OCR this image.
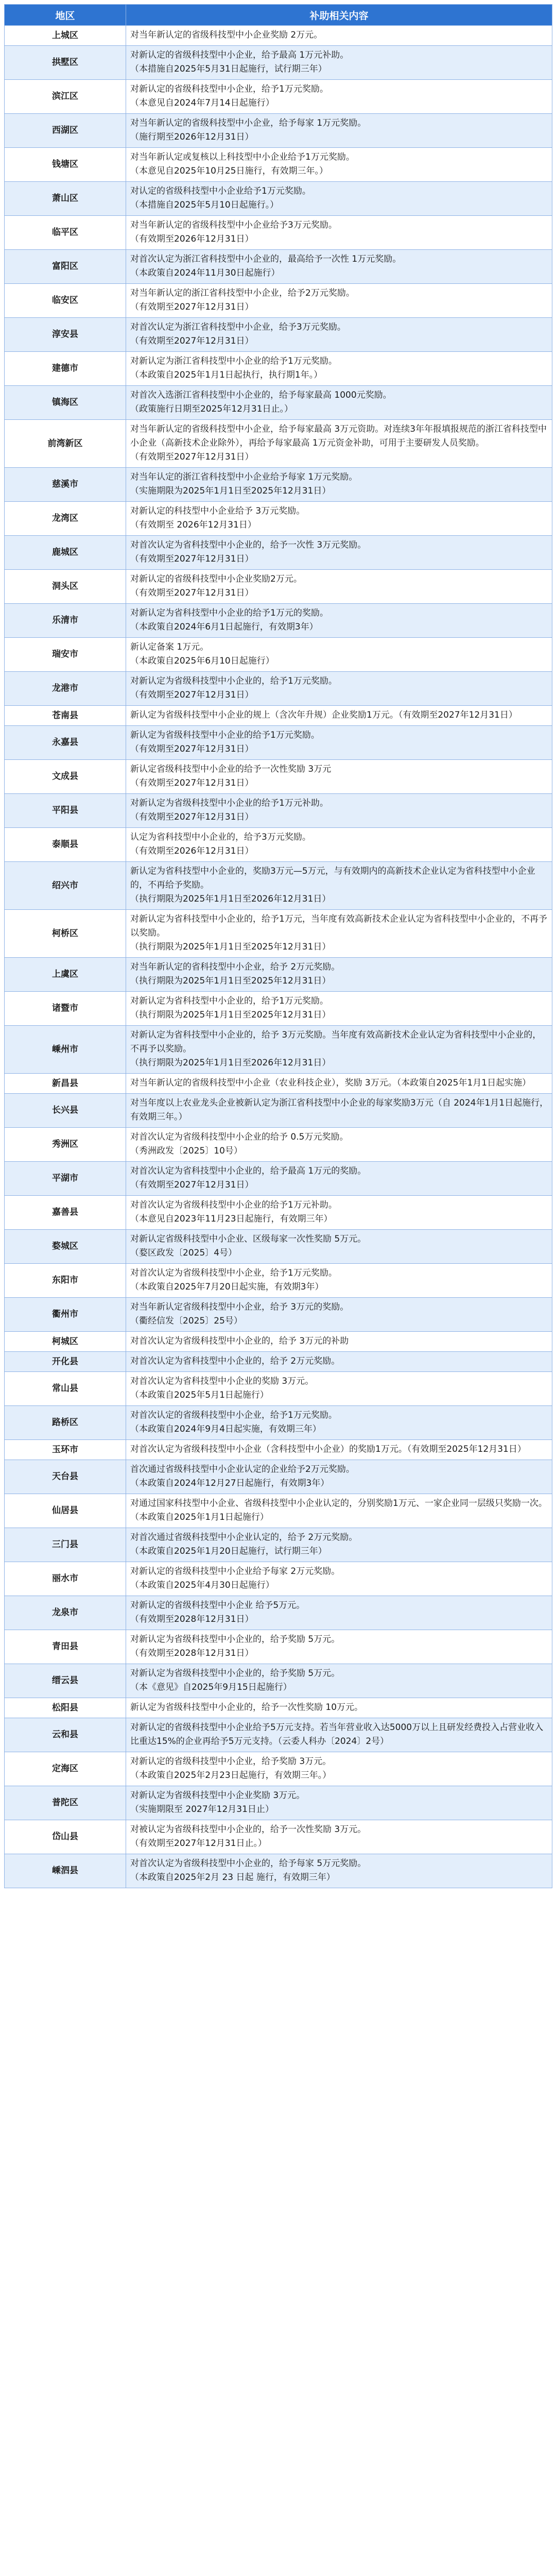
地区	补助相关内容
上城区	对当年新认定的省级科技型中小企业奖励 2万元。

拱墅区	对新认定的省级科技型中小企业，给予最高 1万元补助。
（本措施自2025年5月31日起施行，试行期三年）

滨江区	对新认定的省级科技型中小企业，给予1万元奖励。
（本意见自2024年7月14日起施行）

西湖区	对当年新认定的省级科技型中小企业，给予每家 1万元奖励。
（施行期至2026年12月31日）

钱塘区	对当年新认定或复核以上科技型中小企业给予1万元奖励。
（本意见自2025年10月25日施行，有效期三年。）

萧山区	对认定的省级科技型中小企业给予1万元奖励。
（本措施自2025年5月10日起施行。）

临平区	对当年新认定的省级科技型中小企业给予3万元奖励。
（有效期至2026年12月31日）

富阳区	对首次认定为浙江省科技型中小企业的，最高给予一次性 1万元奖励。
（本政策自2024年11月30日起施行）

临安区	对当年新认定的浙江省科技型中小企业，给予2万元奖励。
（有效期至2027年12月31日）

淳安县	对首次认定为浙江省科技型中小企业，给予3万元奖励。
（有效期至2027年12月31日）

建德市	对新认定为浙江省科技型中小企业的给予1万元奖励。
（本政策自2025年1月1日起执行，执行期1年。）

镇海区	对首次入选浙江省科技型中小企业的，给予每家最高 1000元奖励。
（政策施行日期至2025年12月31日止。）

前湾新区	对当年新认定的省级科技型中小企业，给予每家最高 3万元资助。对连续3年年报填报规范的浙江省科技型中小企业（高新技术企业除外），再给予每家最高 1万元资金补助，可用于主要研发人员奖励。
（有效期至2027年12月31日）

慈溪市	对当年认定的浙江省科技型中小企业给予每家 1万元奖励。
（实施期限为2025年1月1日至2025年12月31日）

龙湾区	对新认定的科技型中小企业给予 3万元奖励。
（有效期至 2026年12月31日）

鹿城区	对首次认定为省科技型中小企业的，给予一次性 3万元奖励。
（有效期至2027年12月31日）

洞头区	对新认定的省级科技型中小企业奖励2万元。
（有效期至2027年12月31日）

乐清市	对新认定为省科技型中小企业的给予1万元的奖励。
（本政策自2024年6月1日起施行，有效期3年）

瑞安市	新认定备案 1万元。
（本政策自2025年6月10日起施行）

龙港市	对新认定为省级科技型中小企业的，给予1万元奖励。
（有效期至2027年12月31日）

苍南县	新认定为省级科技型中小企业的规上（含次年升规）企业奖励1万元。（有效期至2027年12月31日）

永嘉县	新认定为省级科技型中小企业的给予1万元奖励。
（有效期至2027年12月31日）

文成县	新认定省级科技型中小企业的给予一次性奖励 3万元
（有效期至2027年12月31日）

平阳县	对新认定为省级科技型中小企业的给予1万元补助。
（有效期至2027年12月31日）

泰顺县	认定为省科技型中小企业的，给予3万元奖励。
（有效期至2026年12月31日）

绍兴市	新认定为省科技型中小企业的，奖励3万元—5万元，与有效期内的高新技术企业认定为省科技型中小企业的，不再给予奖励。
（执行期限为2025年1月1日至2026年12月31日）

柯桥区	对新认定为省科技型中小企业的，给予1万元，当年度有效高新技术企业认定为省科技型中小企业的，不再予以奖励。
（执行期限为2025年1月1日至2025年12月31日）

上虞区	对当年新认定的省科技型中小企业，给予 2万元奖励。
（执行期限为2025年1月1日至2025年12月31日）

诸暨市	对新认定为省科技型中小企业的，给予1万元奖励。
（执行期限为2025年1月1日至2025年12月31日）

嵊州市	对新认定为省科技型中小企业的，给予 3万元奖励。当年度有效高新技术企业认定为省科技型中小企业的，不再予以奖励。
（执行期限为2025年1月1日至2026年12月31日）

新昌县	对当年新认定的省级科技型中小企业（农业科技企业），奖励 3万元。（本政策自2025年1月1日起实施）

长兴县	对当年度以上农业龙头企业被新认定为浙江省科技型中小企业的每家奖励3万元（自 2024年1月1日起施行，有效期三年。）

秀洲区	对首次认定为省级科技型中小企业的给予 0.5万元奖励。
（秀洲政发〔2025〕10号）

平湖市	对首次认定为省科技型中小企业的，给予最高 1万元的奖励。
（有效期至2027年12月31日）

嘉善县	对首次认定为省级科技型中小企业的给予1万元补助。
（本意见自2023年11月23日起施行，有效期三年）

婺城区	对新认定省级科技型中小企业、区级每家一次性奖励 5万元。
（婺区政发〔2025〕4号）

东阳市	对首次认定为省级科技型中小企业，给予1万元奖励。
（本政策自2025年7月20日起实施，有效期3年）

衢州市	对当年新认定省级科技型中小企业，给予 3万元的奖励。
（衢经信发〔2025〕25号）

柯城区	对首次认定为省级科技型中小企业的，给予 3万元的补助

开化县	对首次认定为省科技型中小企业的，给予 2万元奖励。

常山县	对首次认定为省科技型中小企业的奖励 3万元。
（本政策自2025年5月1日起施行）

路桥区	对首次认定的省级科技型中小企业，给予1万元奖励。
（本政策自2024年9月4日起实施，有效期三年）

玉环市	对首次认定为省级科技型中小企业（含科技型中小企业）的奖励1万元。（有效期至2025年12月31日）

天台县	首次通过省级科技型中小企业认定的企业给予2万元奖励。
（本政策自2024年12月27日起施行，有效期3年）

仙居县	对通过国家科技型中小企业、省级科技型中小企业认定的，分别奖励1万元、一家企业同一层级只奖励一次。
（本政策自2025年1月1日起施行）

三门县	对首次通过省级科技型中小企业认定的，给予 2万元奖励。
（本政策自2025年1月20日起施行，试行期三年）

丽水市	对新认定的省级科技型中小企业给予每家 2万元奖励。
（本政策自2025年4月30日起施行）

龙泉市	对新认定的省级科技型中小企业 给予5万元。
（有效期至2028年12月31日）

青田县	对新认定为省级科技型中小企业的，给予奖励 5万元。
（有效期至2028年12月31日）

缙云县	对新认定为省级科技型中小企业的，给予奖励 5万元。
（本《意见》自2025年9月15日起施行）

松阳县	新认定为省级科技型中小企业的，给予一次性奖励 10万元。

云和县	对新认定的省级科技型中小企业给予5万元支持。若当年营业收入达5000万以上且研发经费投入占营业收入比重达15%的企业再给予5万元支持。（云委人科办〔2024〕2号）

定海区	对新认定的省级科技型中小企业，给予奖励 3万元。
（本政策自2025年2月23日起施行，有效期三年。）

普陀区	对新认定为省级科技型中小企业奖励 3万元。
（实施期限至 2027年12月31日止）

岱山县	对被认定为省级科技型中小企业的，给予一次性奖励 3万元。
（有效期至2027年12月31日止。）

嵊泗县	对首次认定为省级科技型中小企业的，给予每家 5万元奖励。
（本政策自2025年2月 23 日起 施行，有效期三年）
